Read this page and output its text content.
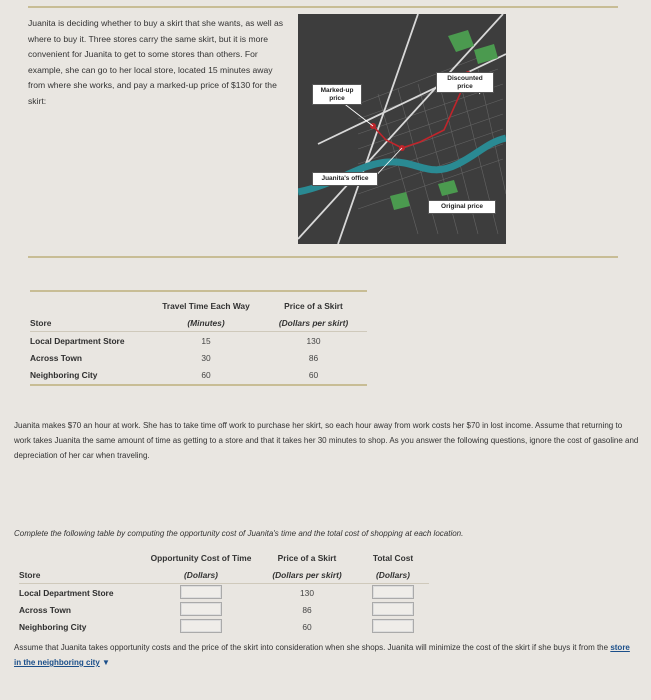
Juanita is deciding whether to buy a skirt that she wants, as well as where to buy it. Three stores carry the same skirt, but it is more convenient for Juanita to get to some stores than others. For example, she can go to her local store, located 15 minutes away from where she works, and pay a marked-up price of $130 for the skirt:
Discounted price
Marked-up price
Juanita's office
Original price
	Travel Time Each Way	Price of a Skirt
Store	(Minutes)	(Dollars per skirt)
Local Department Store	15	130
Across Town	30	86
Neighboring City	60	60
Juanita makes $70 an hour at work. She has to take time off work to purchase her skirt, so each hour away from work costs her $70 in lost income. Assume that returning to work takes Juanita the same amount of time as getting to a store and that it takes her 30 minutes to shop. As you answer the following questions, ignore the cost of gasoline and depreciation of her car when traveling.
Complete the following table by computing the opportunity cost of Juanita's time and the total cost of shopping at each location.
	Opportunity Cost of Time	Price of a Skirt	Total Cost
Store	(Dollars)	(Dollars per skirt)	(Dollars)
Local Department Store		130	
Across Town		86	
Neighboring City		60	
Assume that Juanita takes opportunity costs and the price of the skirt into consideration when she shops. Juanita will minimize the cost of the skirt if she buys it from the store in the neighboring city ▼
